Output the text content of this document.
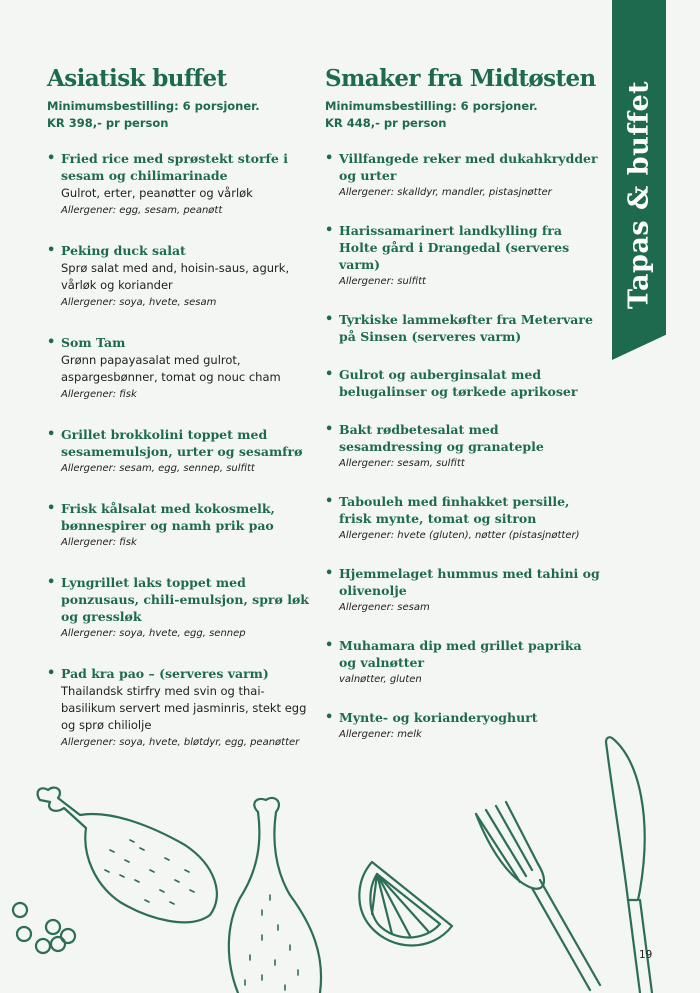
Tapas & buffet
Asiatisk buffet

Minimumsbestilling: 6 porsjoner.

KR 398,- pr person

• Fried rice med sprøstekt storfe i sesam og chilimarinade

Gulrot, erter, peanøtter og vårløk

Allergener: egg, sesam, peanøtt

• Peking duck salat

Sprø salat med and, hoisin-saus, agurk, vårløk og koriander

Allergener: soya, hvete, sesam

• Som Tam

Grønn papayasalat med gulrot, aspargesbønner, tomat og nouc cham

Allergener: fisk

• Grillet brokkolini toppet med sesamemulsjon, urter og sesamfrø

Allergener: sesam, egg, sennep, sulfitt

• Frisk kålsalat med kokosmelk, bønnespirer og namh prik pao

Allergener: fisk

• Lyngrillet laks toppet med ponzusaus, chili-emulsjon, sprø løk og gressløk

Allergener: soya, hvete, egg, sennep

• Pad kra pao – (serveres varm)

Thailandsk stirfry med svin og thai-basilikum servert med jasminris, stekt egg og sprø chiliolje

Allergener: soya, hvete, bløtdyr, egg, peanøtter

Smaker fra Midtøsten

Minimumsbestilling: 6 porsjoner.

KR 448,- pr person

• Villfangede reker med dukahkrydder og urter

Allergener: skalldyr, mandler, pistasjnøtter

• Harissamarinert landkylling fra Holte gård i Drangedal (serveres varm)

Allergener: sulfitt

• Tyrkiske lammekøfter fra Metervare på Sinsen (serveres varm)

• Gulrot og auberginsalat med belugalinser og tørkede aprikoser

• Bakt rødbetesalat med sesamdressing og granateple

Allergener: sesam, sulfitt

• Tabouleh med finhakket persille, frisk mynte, tomat og sitron

Allergener: hvete (gluten), nøtter (pistasjnøtter)

• Hjemmelaget hummus med tahini og olivenolje

Allergener: sesam

• Muhamara dip med grillet paprika og valnøtter

valnøtter, gluten

• Mynte- og korianderyoghurt

Allergener: melk

19
